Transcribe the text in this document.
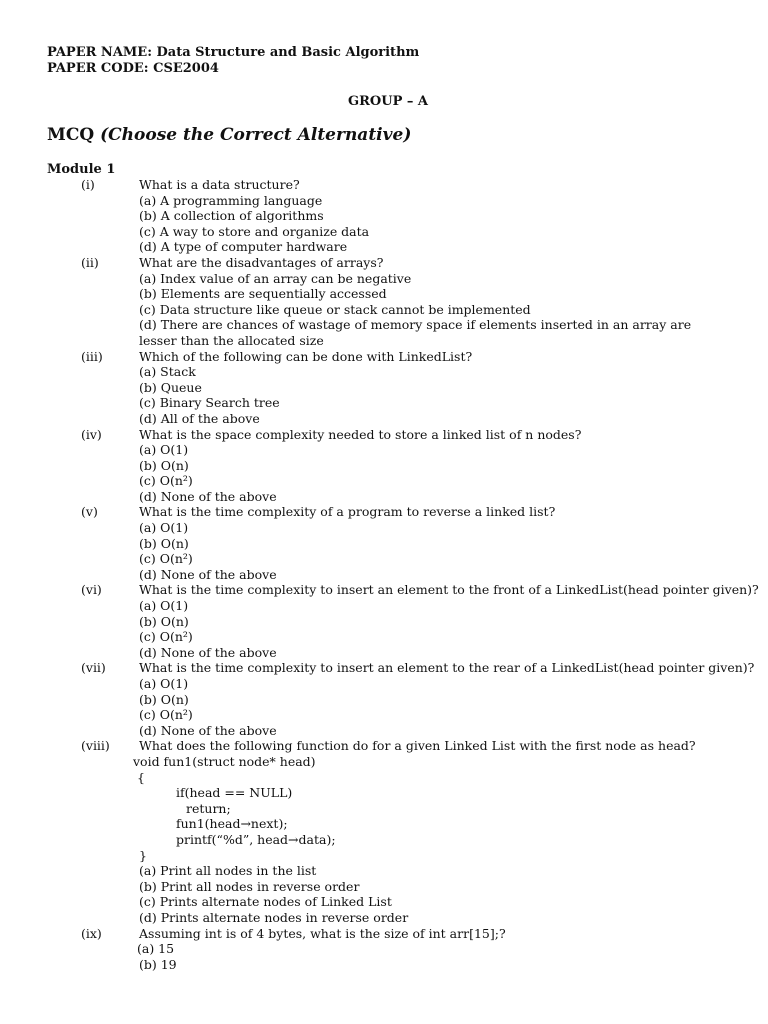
PAPER NAME: Data Structure and Basic Algorithm
PAPER CODE: CSE2004
GROUP – A
MCQ (Choose the Correct Alternative)
Module 1
(i)	What is a data structure?
(a) A programming language
(b) A collection of algorithms
(c) A way to store and organize data
(d) A type of computer hardware
(ii)	What are the disadvantages of arrays?
(a) Index value of an array can be negative
(b) Elements are sequentially accessed
(c) Data structure like queue or stack cannot be implemented
(d) There are chances of wastage of memory space if elements inserted in an array are lesser than the allocated size
(iii)	Which of the following can be done with LinkedList?
(a) Stack
(b) Queue
(c) Binary Search tree
(d) All of the above
(iv)	What is the space complexity needed to store a linked list of n nodes?
(a) O(1)
(b) O(n)
(c) O(n²)
(d) None of the above
(v)	What is the time complexity of a program to reverse a linked list?
(a) O(1)
(b) O(n)
(c) O(n²)
(d) None of the above
(vi)	What is the time complexity to insert an element to the front of a LinkedList(head pointer given)?
(a) O(1)
(b) O(n)
(c) O(n²)
(d) None of the above
(vii)	What is the time complexity to insert an element to the rear of a LinkedList(head pointer given)?
(a) O(1)
(b) O(n)
(c) O(n²)
(d) None of the above
(viii) What does the following function do for a given Linked List with the first node as head?
void fun1(struct node* head)
{
if(head == NULL)
return;
fun1(head→next);
printf(“%d”, head→data);
}
(a) Print all nodes in the list
(b) Print all nodes in reverse order
(c) Prints alternate nodes of Linked List
(d) Prints alternate nodes in reverse order
(ix)	Assuming int is of 4 bytes, what is the size of int arr[15];?
(a) 15
(b) 19
